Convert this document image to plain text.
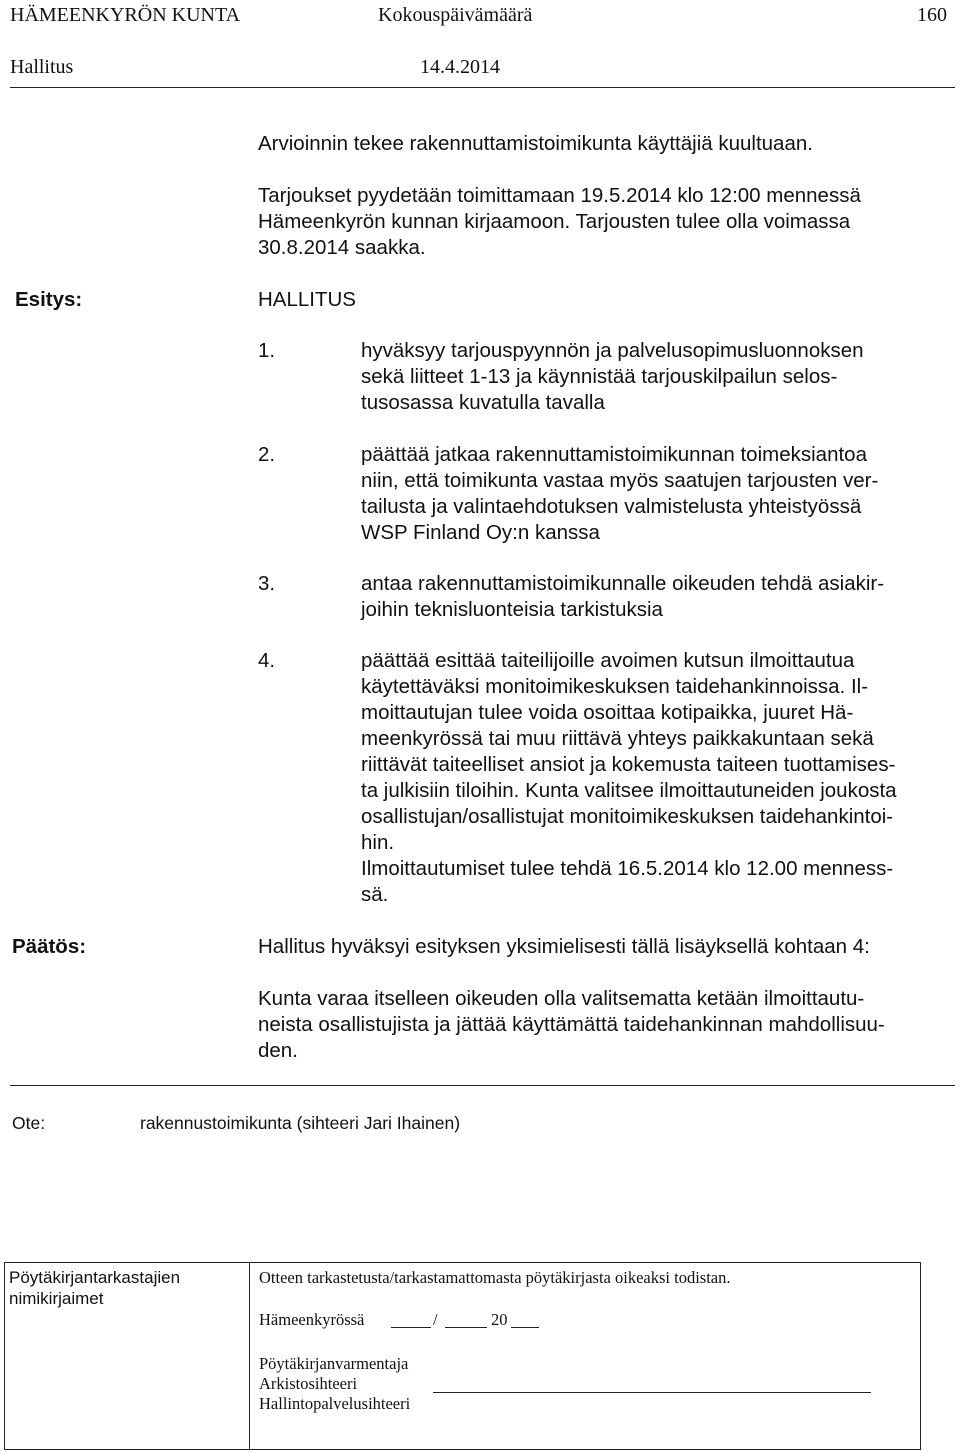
HÄMEENKYRÖN KUNTA	Kokouspäivämäärä	160
Hallitus	14.4.2014
Arvioinnin tekee rakennuttamistoimikunta käyttäjiä kuultuaan.
Tarjoukset pyydetään toimittamaan 19.5.2014 klo 12:00 mennessä
Hämeenkyrön kunnan kirjaamoon. Tarjousten tulee olla voimassa
30.8.2014 saakka.
Esitys:	HALLITUS
1.	hyväksyy tarjouspyynnön ja palvelusopimusluonnoksen
sekä liitteet 1-13 ja käynnistää tarjouskilpailun selos-
tusosassa kuvatulla tavalla
2.	päättää jatkaa rakennuttamistoimikunnan toimeksiantoa
niin, että toimikunta vastaa myös saatujen tarjousten ver-
tailusta ja valintaehdotuksen valmistelusta yhteistyössä
WSP Finland Oy:n kanssa
3.	antaa rakennuttamistoimikunnalle oikeuden tehdä asiakir-
joihin teknisluonteisia tarkistuksia
4.	päättää esittää taiteilijoille avoimen kutsun ilmoittautua
käytettäväksi monitoimikeskuksen taidehankinnoissa. Il-
moittautujan tulee voida osoittaa kotipaikka, juuret Hä-
meenkyrössä tai muu riittävä yhteys paikkakuntaan sekä
riittävät taiteelliset ansiot ja kokemusta taiteen tuottamises-
ta julkisiin tiloihin. Kunta valitsee ilmoittautuneiden joukosta
osallistujan/osallistujat monitoimikeskuksen taidehankintoi-
hin.
Ilmoittautumiset tulee tehdä 16.5.2014 klo 12.00 menness-
sä.
Päätös:	Hallitus hyväksyi esityksen yksimielisesti tällä lisäyksellä kohtaan 4:
Kunta varaa itselleen oikeuden olla valitsematta ketään ilmoittautu-
neista osallistujista ja jättää käyttämättä taidehankinnan mahdollisuu-
den.
Ote:	rakennustoimikunta (sihteeri Jari Ihainen)
Pöytäkirjantarkastajien
nimikirjaimet
Otteen tarkastetusta/tarkastamattomasta pöytäkirjasta oikeaksi todistan.
Hämeenkyrössä	/	20
Pöytäkirjanvarmentaja
Arkistosihteeri
Hallintopalvelusihteeri
